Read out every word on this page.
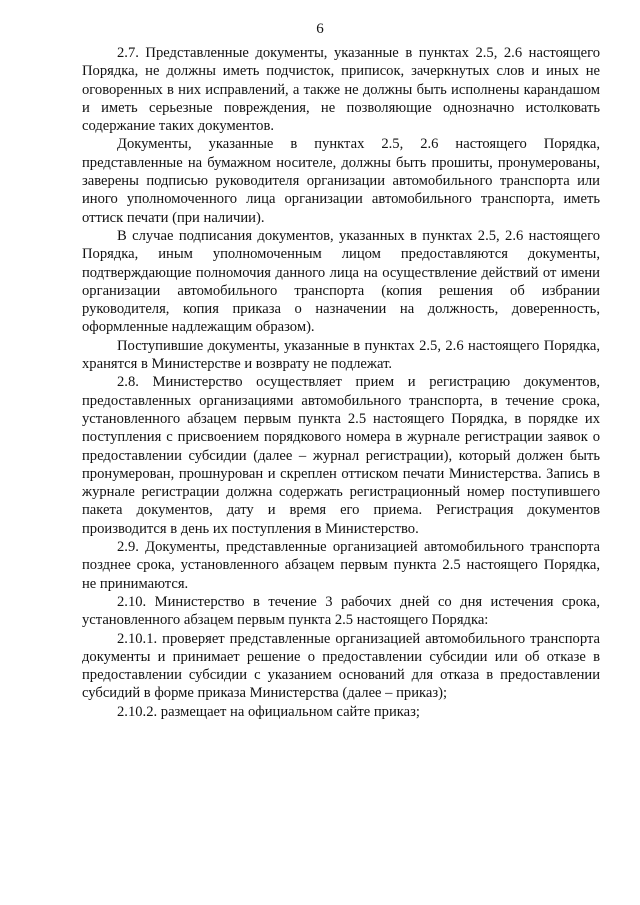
6

2.7. Представленные документы, указанные в пунктах 2.5, 2.6 настоящего Порядка, не должны иметь подчисток, приписок, зачеркнутых слов и иных не оговоренных в них исправлений, а также не должны быть исполнены карандашом и иметь серьезные повреждения, не позволяющие однозначно истолковать содержание таких документов.

Документы, указанные в пунктах 2.5, 2.6 настоящего Порядка, представленные на бумажном носителе, должны быть прошиты, пронумерованы, заверены подписью руководителя организации автомобильного транспорта или иного уполномоченного лица организации автомобильного транспорта, иметь оттиск печати (при наличии).

В случае подписания документов, указанных в пунктах 2.5, 2.6 настоящего Порядка, иным уполномоченным лицом предоставляются документы, подтверждающие полномочия данного лица на осуществление действий от имени организации автомобильного транспорта (копия решения об избрании руководителя, копия приказа о назначении на должность, доверенность, оформленные надлежащим образом).

Поступившие документы, указанные в пунктах 2.5, 2.6 настоящего Порядка, хранятся в Министерстве и возврату не подлежат.

2.8. Министерство осуществляет прием и регистрацию документов, предоставленных организациями автомобильного транспорта, в течение срока, установленного абзацем первым пункта 2.5 настоящего Порядка, в порядке их поступления с присвоением порядкового номера в журнале регистрации заявок о предоставлении субсидии (далее – журнал регистрации), который должен быть пронумерован, прошнурован и скреплен оттиском печати Министерства. Запись в журнале регистрации должна содержать регистрационный номер поступившего пакета документов, дату и время его приема. Регистрация документов производится в день их поступления в Министерство.

2.9. Документы, представленные организацией автомобильного транспорта позднее срока, установленного абзацем первым пункта 2.5 настоящего Порядка, не принимаются.

2.10. Министерство в течение 3 рабочих дней со дня истечения срока, установленного абзацем первым пункта 2.5 настоящего Порядка:

2.10.1. проверяет представленные организацией автомобильного транспорта документы и принимает решение о предоставлении субсидии или об отказе в предоставлении субсидии с указанием оснований для отказа в предоставлении субсидий в форме приказа Министерства (далее – приказ);

2.10.2. размещает на официальном сайте приказ;
